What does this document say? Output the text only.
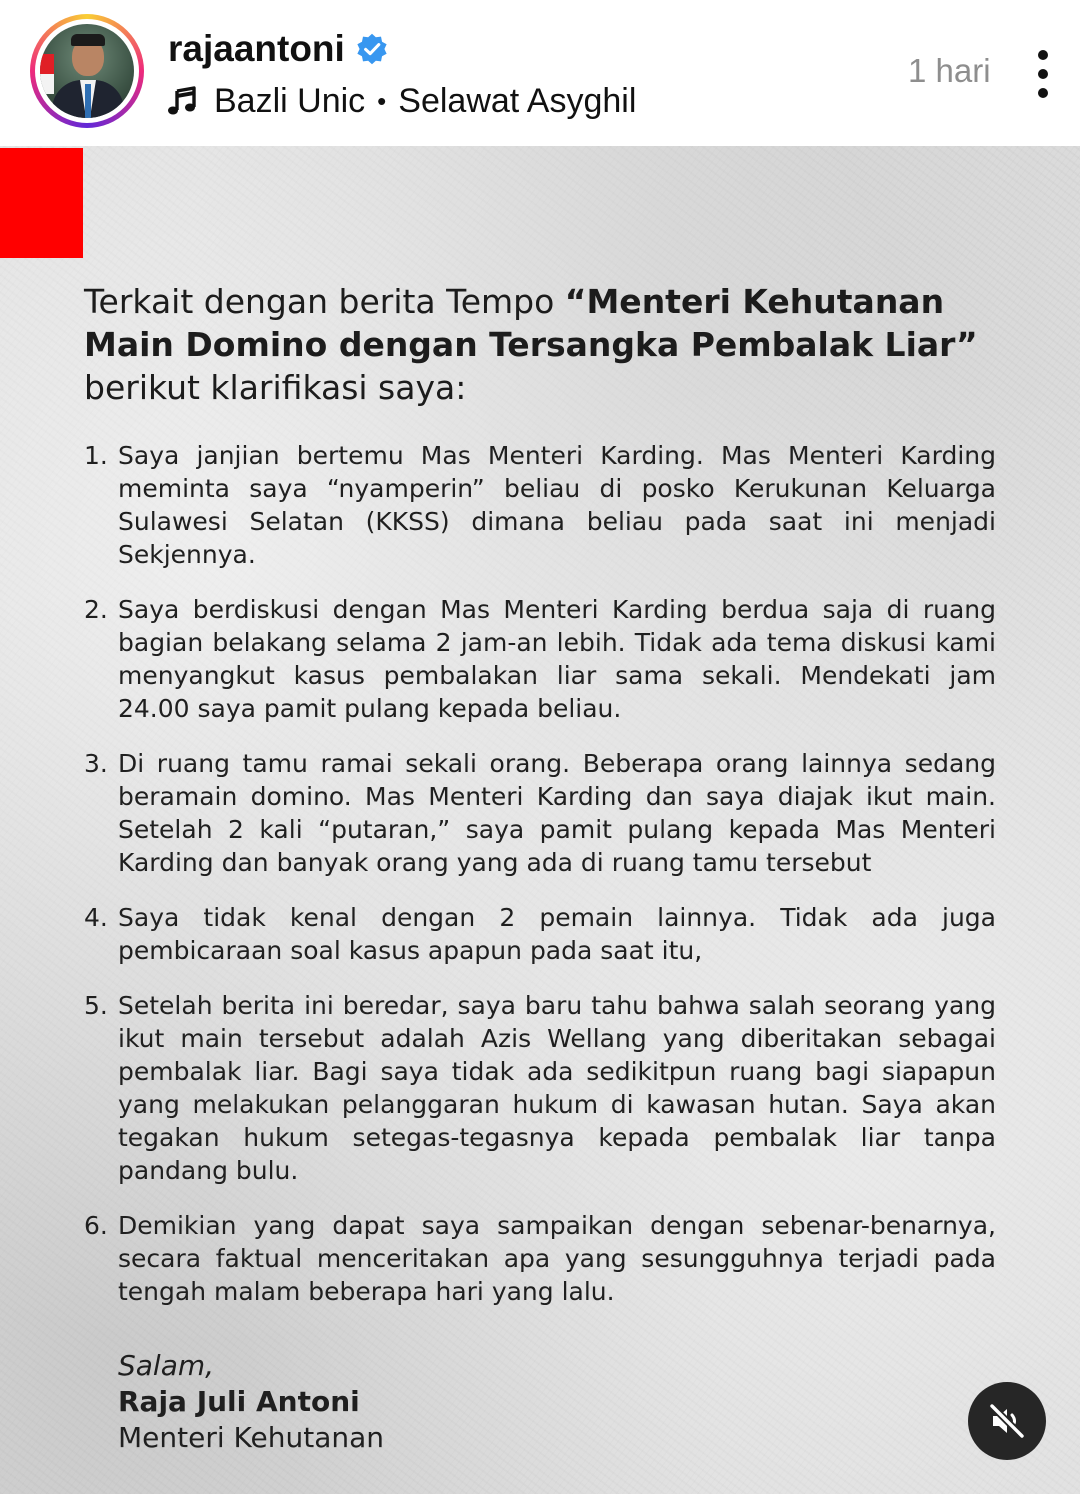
rajaantoni
Bazli Unic • Selawat Asyghil
1 hari

Terkait dengan berita Tempo “Menteri Kehutanan Main Domino dengan Tersangka Pembalak Liar” berikut klarifikasi saya:

1. Saya janjian bertemu Mas Menteri Karding. Mas Menteri Karding meminta saya “nyamperin” beliau di posko Kerukunan Keluarga Sulawesi Selatan (KKSS) dimana beliau pada saat ini menjadi Sekjennya.
2. Saya berdiskusi dengan Mas Menteri Karding berdua saja di ruang bagian belakang selama 2 jam-an lebih. Tidak ada tema diskusi kami menyangkut kasus pembalakan liar sama sekali. Mendekati jam 24.00 saya pamit pulang kepada beliau.
3. Di ruang tamu ramai sekali orang. Beberapa orang lainnya sedang beramain domino. Mas Menteri Karding dan saya diajak ikut main. Setelah 2 kali “putaran,” saya pamit pulang kepada Mas Menteri Karding dan banyak orang yang ada di ruang tamu tersebut
4. Saya tidak kenal dengan 2 pemain lainnya. Tidak ada juga pembicaraan soal kasus apapun pada saat itu,
5. Setelah berita ini beredar, saya baru tahu bahwa salah seorang yang ikut main tersebut adalah Azis Wellang yang diberitakan sebagai pembalak liar. Bagi saya tidak ada sedikitpun ruang bagi siapapun yang melakukan pelanggaran hukum di kawasan hutan. Saya akan tegakan hukum setegas-tegasnya kepada pembalak liar tanpa pandang bulu.
6. Demikian yang dapat saya sampaikan dengan sebenar-benarnya, secara faktual menceritakan apa yang sesungguhnya terjadi pada tengah malam beberapa hari yang lalu.
Salam,
Raja Juli Antoni
Menteri Kehutanan
